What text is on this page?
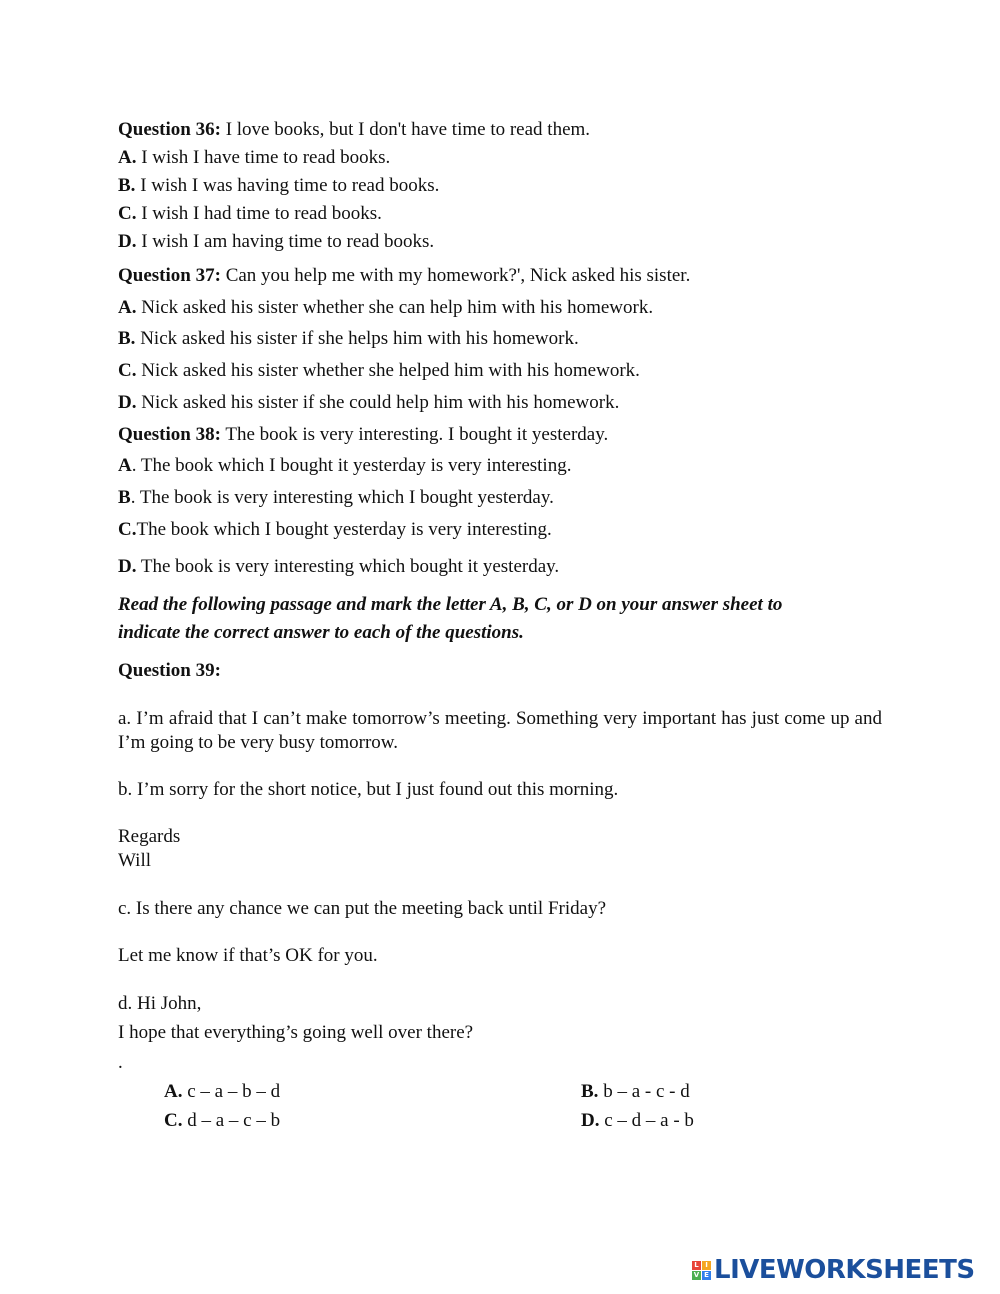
Question 36: I love books, but I don't have time to read them.
A. I wish I have time to read books.
B. I wish I was having time to read books.
C. I wish I had time to read books.
D. I wish I am having time to read books.
Question 37: Can you help me with my homework?', Nick asked his sister.
A. Nick asked his sister whether she can help him with his homework.
B. Nick asked his sister if she helps him with his homework.
C. Nick asked his sister whether she helped him with his homework.
D. Nick asked his sister if she could help him with his homework.
Question 38: The book is very interesting. I bought it yesterday.
A. The book which I bought it yesterday is very interesting.
B. The book is very interesting which I bought yesterday.
C.The book which I bought yesterday is very interesting.
D. The book is very interesting which bought it yesterday.
Read the following passage and mark the letter A, B, C, or D on your answer sheet to
indicate the correct answer to each of the questions.
Question 39:
a. I’m afraid that I can’t make tomorrow’s meeting. Something very important has just come up and I’m going to be very busy tomorrow.
b. I’m sorry for the short notice, but I just found out this morning.
Regards
Will
c. Is there any chance we can put the meeting back until Friday?
Let me know if that’s OK for you.
d. Hi John,
I hope that everything’s going well over there?
.
A. c – a – b – d	B. b – a - c - d
C. d – a – c – b	D. c – d – a - b
L I
V E LIVEWORKSHEETS
